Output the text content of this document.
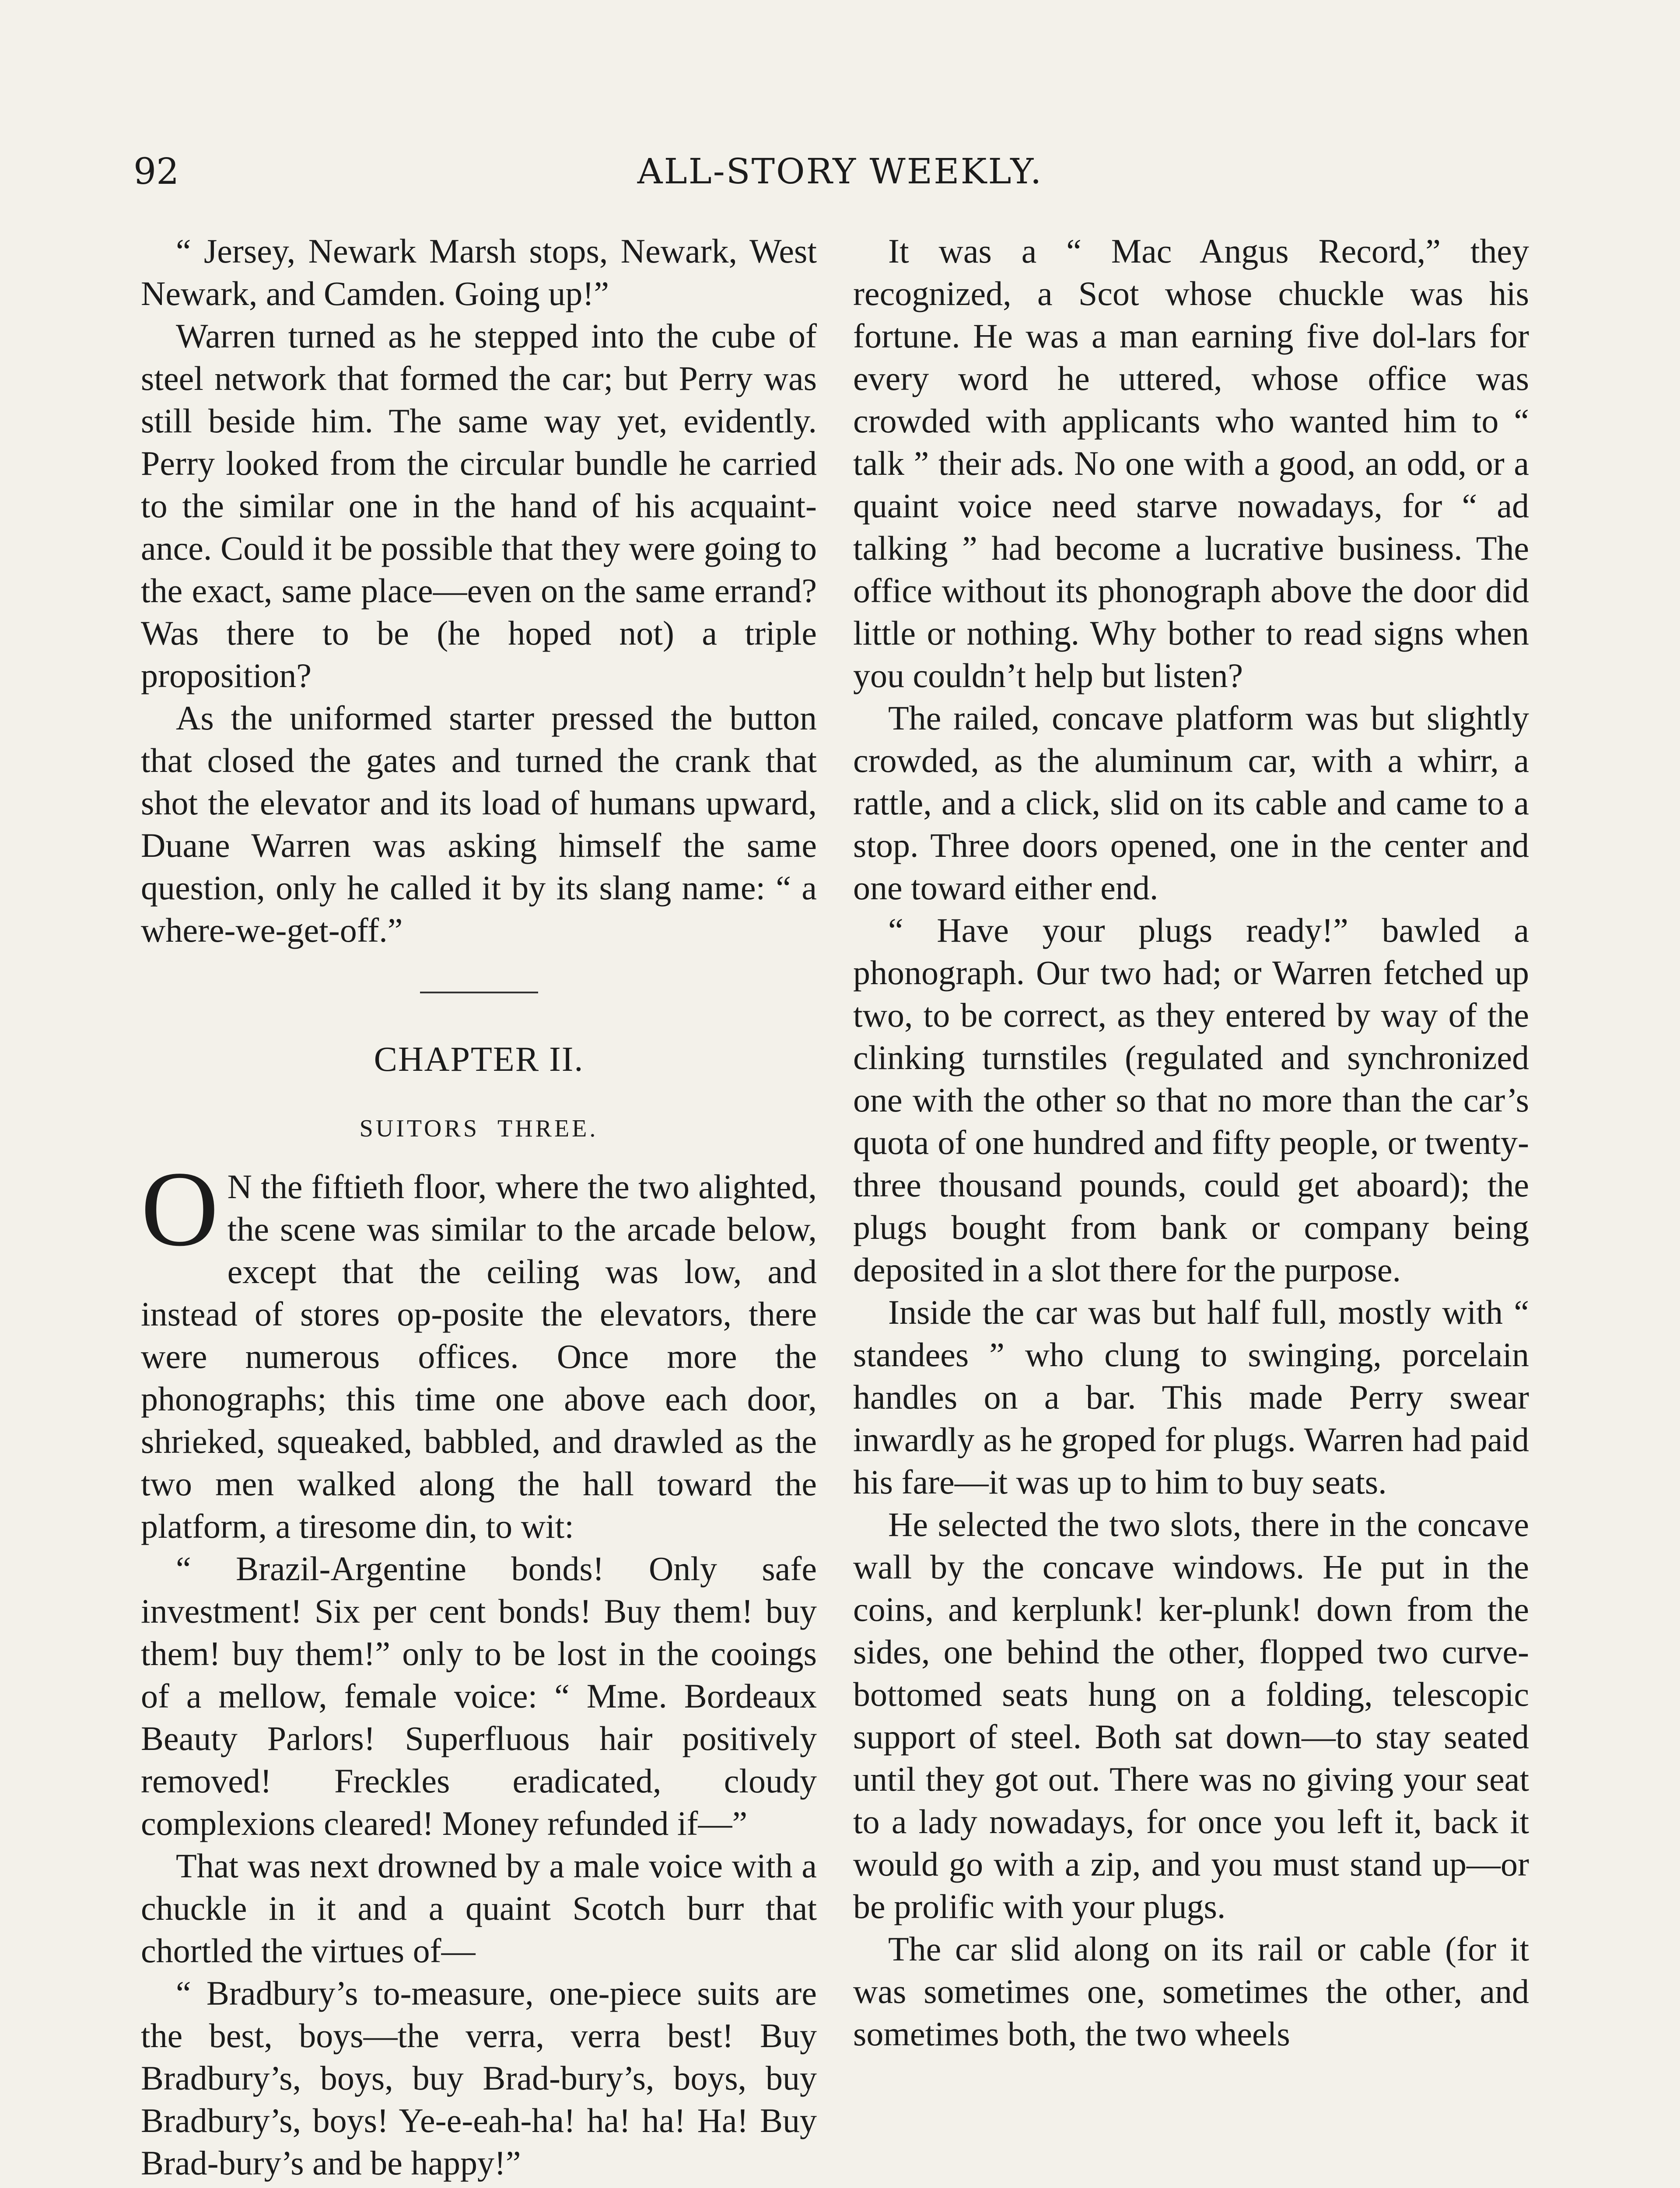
92	ALL-STORY WEEKLY.

“ Jersey, Newark Marsh stops, Newark, West Newark, and Camden. Going up!”

Warren turned as he stepped into the cube of steel network that formed the car; but Perry was still beside him. The same way yet, evidently. Perry looked from the circular bundle he carried to the similar one in the hand of his acquaint-ance. Could it be possible that they were going to the exact, same place—even on the same errand? Was there to be (he hoped not) a triple proposition?

As the uniformed starter pressed the button that closed the gates and turned the crank that shot the elevator and its load of humans upward, Duane Warren was asking himself the same question, only he called it by its slang name: “ a where-we-get-off.”

CHAPTER II.
SUITORS THREE.

O N the fiftieth floor, where the two alighted, the scene was similar to the arcade below, except that the ceiling was low, and instead of stores op-posite the elevators, there were numerous offices. Once more the phonographs; this time one above each door, shrieked, squeaked, babbled, and drawled as the two men walked along the hall toward the platform, a tiresome din, to wit:

“ Brazil-Argentine bonds! Only safe investment! Six per cent bonds! Buy them! buy them! buy them!” only to be lost in the cooings of a mellow, female voice: “ Mme. Bordeaux Beauty Parlors! Superfluous hair positively removed! Freckles eradicated, cloudy complexions cleared! Money refunded if—”

That was next drowned by a male voice with a chuckle in it and a quaint Scotch burr that chortled the virtues of—

“ Bradbury’s to-measure, one-piece suits are the best, boys—the verra, verra best! Buy Bradbury’s, boys, buy Brad-bury’s, boys, buy Bradbury’s, boys! Ye-e-eah-ha! ha! ha! Ha! Buy Brad-bury’s and be happy!”

It was a “ Mac Angus Record,” they recognized, a Scot whose chuckle was his fortune. He was a man earning five dol-lars for every word he uttered, whose office was crowded with applicants who wanted him to “ talk ” their ads. No one with a good, an odd, or a quaint voice need starve nowadays, for “ ad talking ” had become a lucrative business. The office without its phonograph above the door did little or nothing. Why bother to read signs when you couldn’t help but listen?

The railed, concave platform was but slightly crowded, as the aluminum car, with a whirr, a rattle, and a click, slid on its cable and came to a stop. Three doors opened, one in the center and one toward either end.

“ Have your plugs ready!” bawled a phonograph. Our two had; or Warren fetched up two, to be correct, as they entered by way of the clinking turnstiles (regulated and synchronized one with the other so that no more than the car’s quota of one hundred and fifty people, or twenty-three thousand pounds, could get aboard); the plugs bought from bank or company being deposited in a slot there for the purpose.

Inside the car was but half full, mostly with “ standees ” who clung to swinging, porcelain handles on a bar. This made Perry swear inwardly as he groped for plugs. Warren had paid his fare—it was up to him to buy seats.

He selected the two slots, there in the concave wall by the concave windows. He put in the coins, and kerplunk! ker-plunk! down from the sides, one behind the other, flopped two curve-bottomed seats hung on a folding, telescopic support of steel. Both sat down—to stay seated until they got out. There was no giving your seat to a lady nowadays, for once you left it, back it would go with a zip, and you must stand up—or be prolific with your plugs.

The car slid along on its rail or cable (for it was sometimes one, sometimes the other, and sometimes both, the two wheels
